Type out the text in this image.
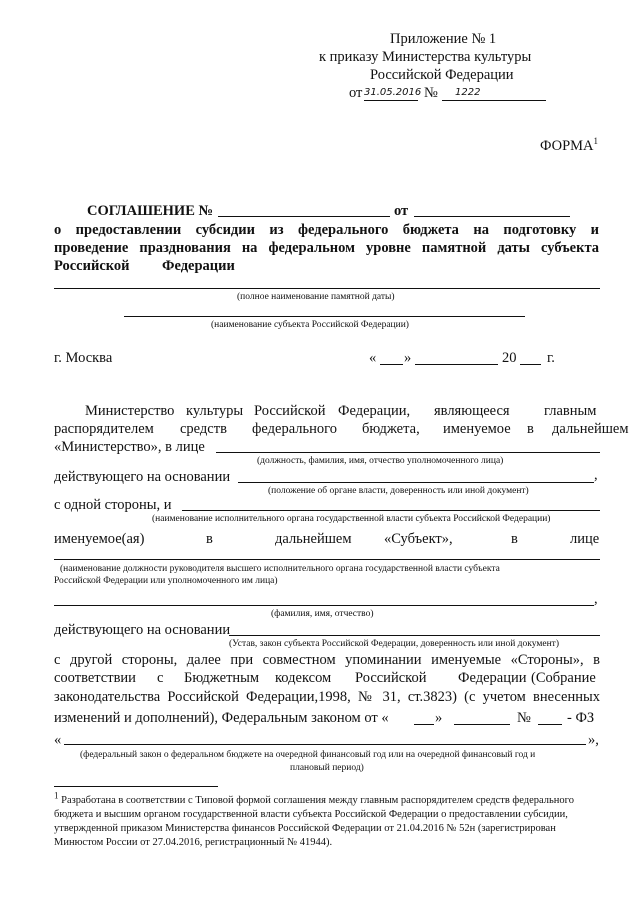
Приложение № 1
к приказу Министерства культуры
Российской Федерации
от 31.05.2016 № 1222
ФОРМА$^1$
СОГЛАШЕНИЕ №	от
о предоставлении субсидии из федерального бюджета на подготовку и
проведение празднования на федеральном уровне памятной даты субъекта
Российской Федерации
(полное наименование памятной даты)
(наименование субъекта Российской Федерации)
г. Москва	« »	20 г.
Министерство культуры Российской Федерации, являющееся главным
распорядителем средств федерального бюджета, именуемое в дальнейшем
«Министерство», в лице
(должность, фамилия, имя, отчество уполномоченного лица)
действующего на основании	,
(положение об органе власти, доверенность или иной документ)
с одной стороны, и
(наименование исполнительного органа государственной власти субъекта Российской Федерации)
именуемое(ая)	в	дальнейшем «Субъект»,	в	лице
(наименование должности руководителя высшего исполнительного органа государственной власти субъекта
Российской Федерации или уполномоченного им лица)
,
(фамилия, имя, отчество)
действующего на основании
(Устав, закон субъекта Российской Федерации, доверенность или иной документ)
с другой стороны, далее при совместном упоминании именуемые «Стороны», в
соответствии с Бюджетным кодексом Российской Федерации (Собрание
законодательства Российской Федерации,1998, № 31, ст.3823) (с учетом внесенных
изменений и дополнений), Федеральным законом от «	»	№ - ФЗ
«	»,
(федеральный закон о федеральном бюджете на очередной финансовый год или на очередной финансовый год и
плановый период)
$^1$ Разработана в соответствии с Типовой формой соглашения между главным распорядителем средств федерального
бюджета и высшим органом государственной власти субъекта Российской Федерации о предоставлении субсидии,
утвержденной приказом Министерства финансов Российской Федерации от 21.04.2016 № 52н (зарегистрирован
Минюстом России от 27.04.2016, регистрационный № 41944).
